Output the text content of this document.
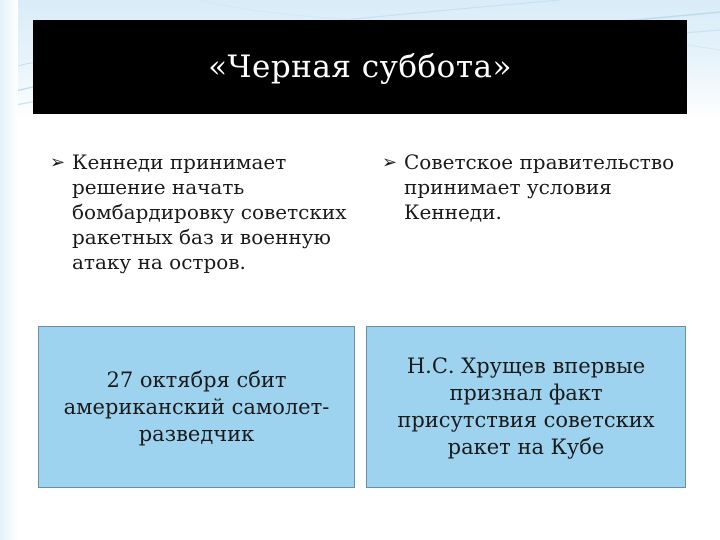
«Черная суббота»
➢ Кеннеди принимает решение начать бомбардировку советских ракетных баз и военную атаку на остров.
➢ Советское правительство принимает условия Кеннеди.
27 октября сбит американский самолет-разведчик
Н.С. Хрущев впервые признал факт присутствия советских ракет на Кубе
